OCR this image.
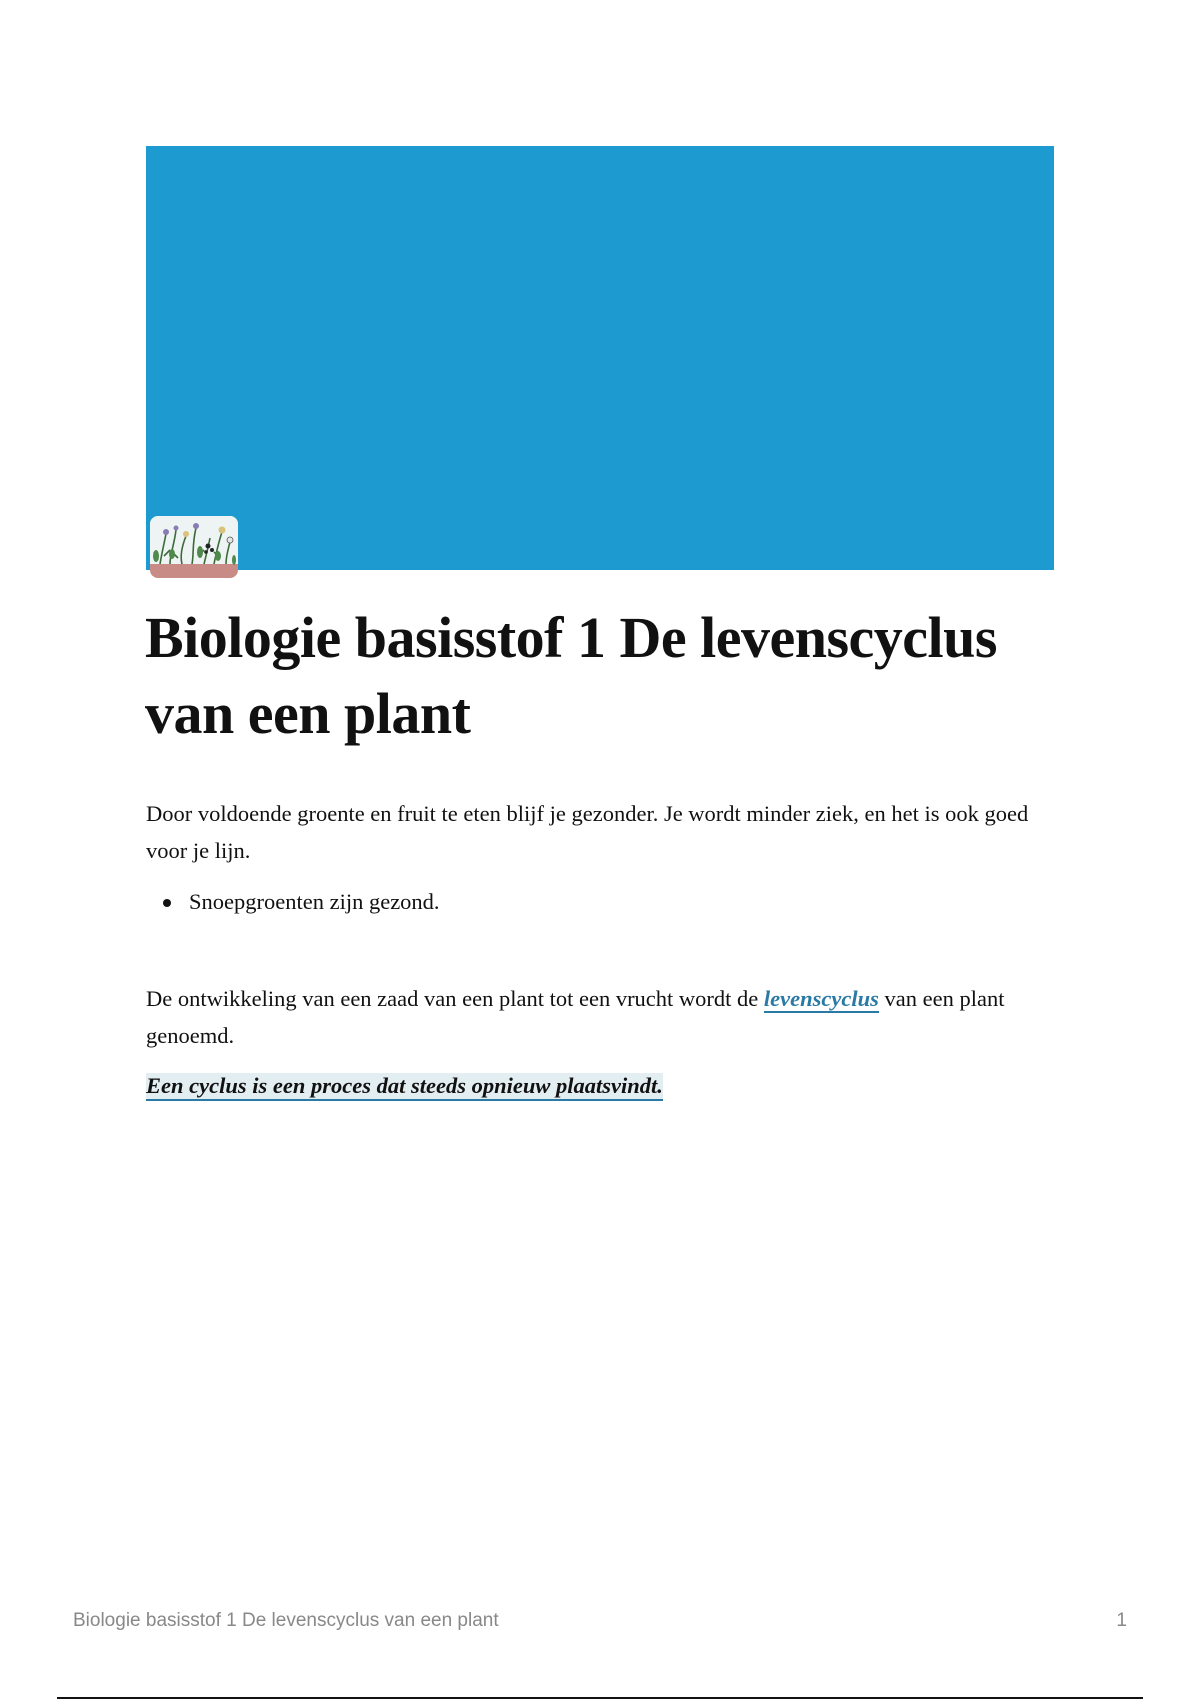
Biologie basisstof 1 De levenscyclus van een plant

Door voldoende groente en fruit te eten blijf je gezonder. Je wordt minder ziek, en het is ook goed voor je lijn.

Snoepgroenten zijn gezond.

De ontwikkeling van een zaad van een plant tot een vrucht wordt de levenscyclus van een plant genoemd.

Een cyclus is een proces dat steeds opnieuw plaatsvindt.

Biologie basisstof 1 De levenscyclus van een plant	1
